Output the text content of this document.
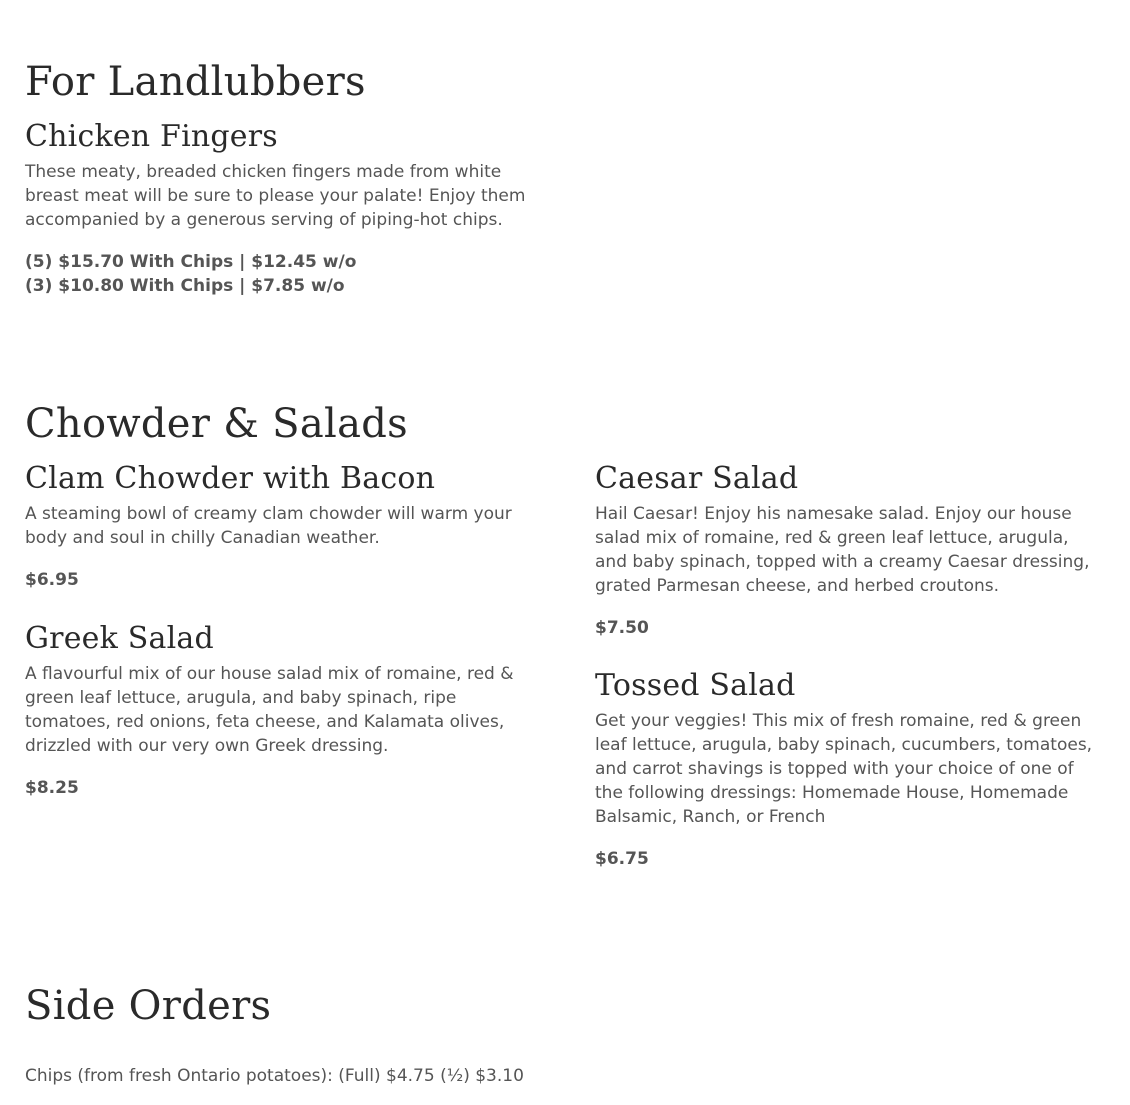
For Landlubbers
Chicken Fingers

These meaty, breaded chicken fingers made from white breast meat will be sure to please your palate! Enjoy them accompanied by a generous serving of piping-hot chips.

(5) $15.70 With Chips | $12.45 w/o
(3) $10.80 With Chips | $7.85 w/o

Chowder & Salads
Clam Chowder with Bacon

A steaming bowl of creamy clam chowder will warm your body and soul in chilly Canadian weather.

$6.95

Greek Salad

A flavourful mix of our house salad mix of romaine, red & green leaf lettuce, arugula, and baby spinach, ripe tomatoes, red onions, feta cheese, and Kalamata olives, drizzled with our very own Greek dressing.

$8.25

Caesar Salad

Hail Caesar! Enjoy his namesake salad. Enjoy our house salad mix of romaine, red & green leaf lettuce, arugula, and baby spinach, topped with a creamy Caesar dressing, grated Parmesan cheese, and herbed croutons.

$7.50

Tossed Salad

Get your veggies! This mix of fresh romaine, red & green leaf lettuce, arugula, baby spinach, cucumbers, tomatoes, and carrot shavings is topped with your choice of one of the following dressings: Homemade House, Homemade Balsamic, Ranch, or French

$6.75

Side Orders

Chips (from fresh Ontario potatoes): (Full) $4.75 (½) $3.10
